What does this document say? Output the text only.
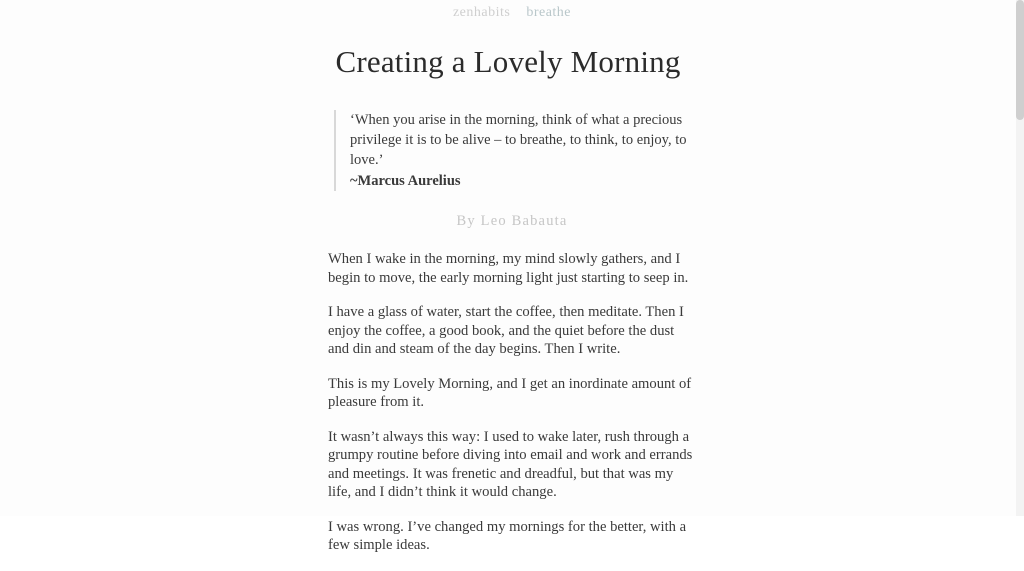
zenhabits breathe
Creating a Lovely Morning
‘When you arise in the morning, think of what a precious privilege it is to be alive – to breathe, to think, to enjoy, to love.’
~Marcus Aurelius
By Leo Babauta

When I wake in the morning, my mind slowly gathers, and I begin to move, the early morning light just starting to seep in.

I have a glass of water, start the coffee, then meditate. Then I enjoy the coffee, a good book, and the quiet before the dust and din and steam of the day begins. Then I write.

This is my Lovely Morning, and I get an inordinate amount of pleasure from it.

It wasn’t always this way: I used to wake later, rush through a grumpy routine before diving into email and work and errands and meetings. It was frenetic and dreadful, but that was my life, and I didn’t think it would change.

I was wrong. I’ve changed my mornings for the better, with a few simple ideas.
